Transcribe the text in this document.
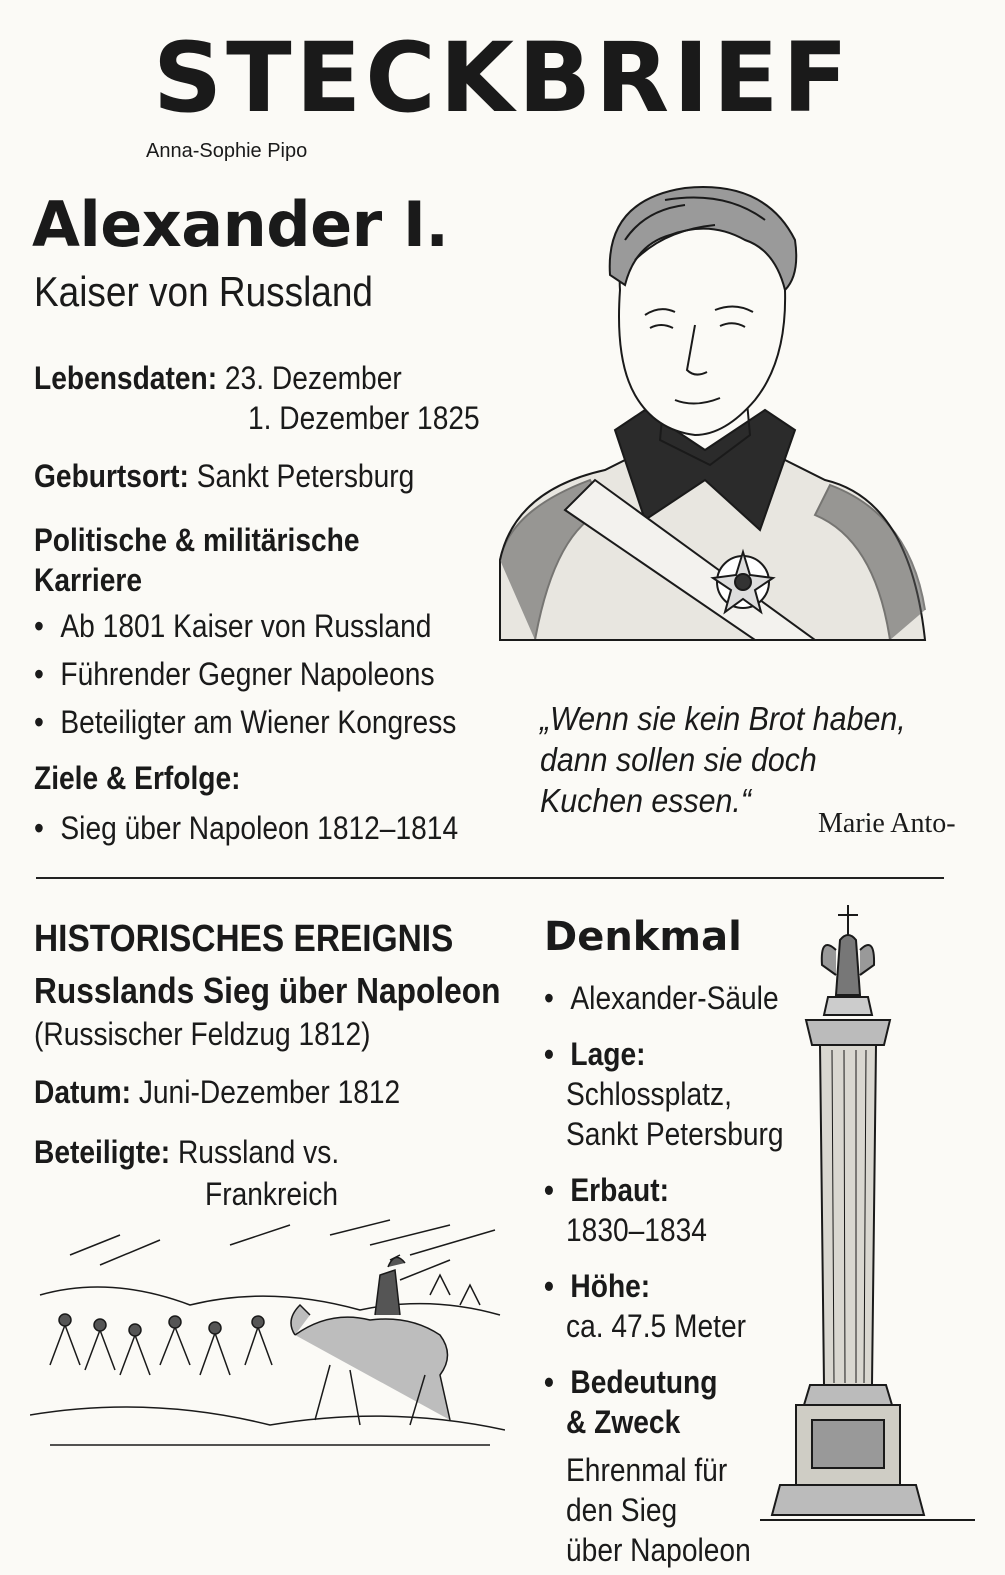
STECKBRIEF
Anna-Sophie Pipo
Alexander I.
Kaiser von Russland
Lebensdaten: 23. Dezember
1. Dezember 1825
Geburtsort: Sankt Petersburg
Politische & militärische
Karriere
• Ab 1801 Kaiser von Russland
• Führender Gegner Napoleons
• Beteiligter am Wiener Kongress
Ziele & Erfolge:
• Sieg über Napoleon 1812–1814
„Wenn sie kein Brot haben,
dann sollen sie doch
Kuchen essen.“
Marie Anto-
HISTORISCHES EREIGNIS
Russlands Sieg über Napoleon
(Russischer Feldzug 1812)
Datum: Juni-Dezember 1812
Beteiligte: Russland vs.
Frankreich
Denkmal
• Alexander-Säule
• Lage:
Schlossplatz,
Sankt Petersburg
• Erbaut:
1830–1834
• Höhe:
ca. 47.5 Meter
• Bedeutung
& Zweck
Ehrenmal für
den Sieg
über Napoleon
